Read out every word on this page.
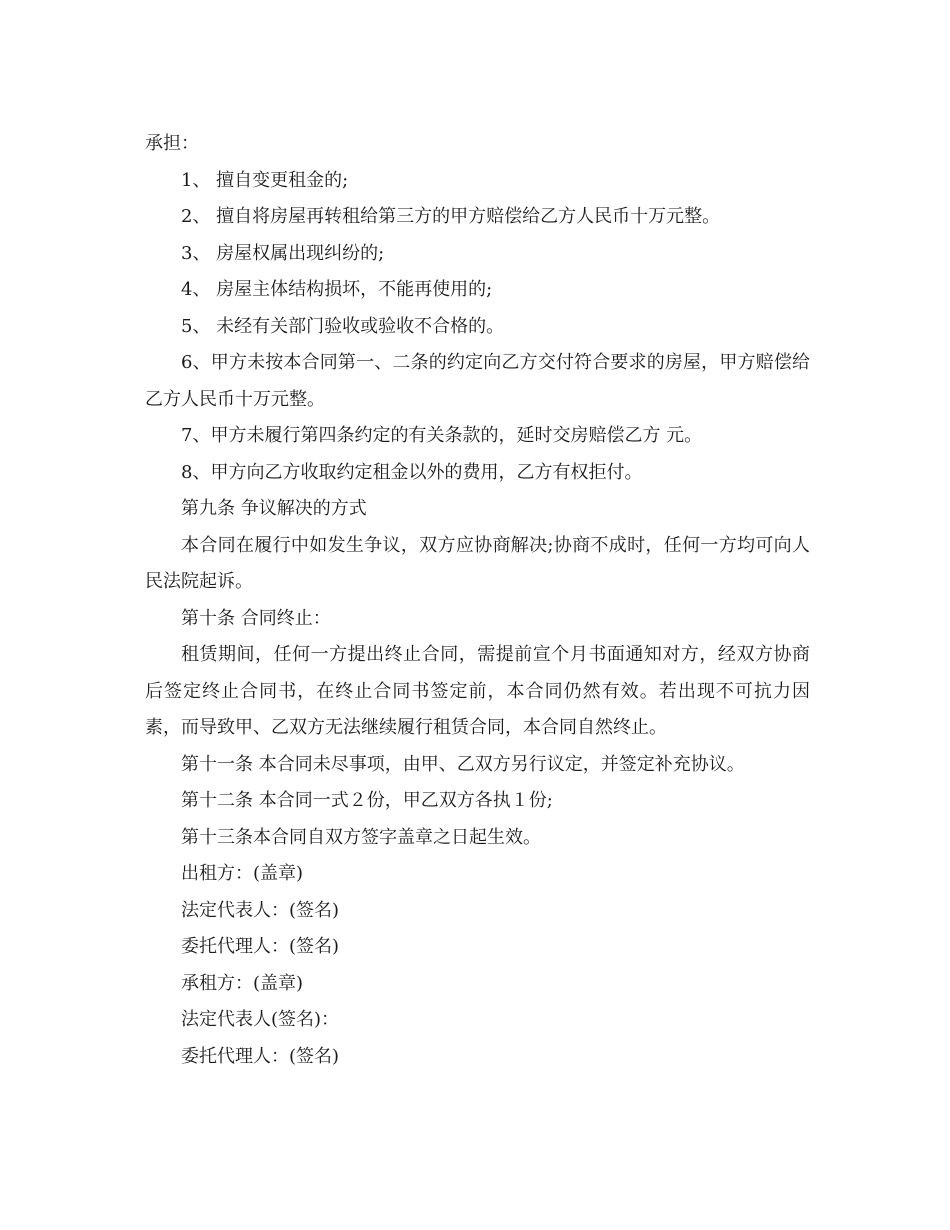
承担：

1、 擅自变更租金的;

2、 擅自将房屋再转租给第三方的甲方赔偿给乙方人民币十万元整。

3、 房屋权属出现纠纷的;

4、 房屋主体结构损坏，不能再使用的;

5、 未经有关部门验收或验收不合格的。

6、甲方未按本合同第一、二条的约定向乙方交付符合要求的房屋，甲方赔偿给乙方人民币十万元整。

7、甲方未履行第四条约定的有关条款的，延时交房赔偿乙方 元。

8、甲方向乙方收取约定租金以外的费用，乙方有权拒付。

第九条 争议解决的方式

本合同在履行中如发生争议，双方应协商解决;协商不成时，任何一方均可向人民法院起诉。

第十条 合同终止：

租赁期间，任何一方提出终止合同，需提前宣个月书面通知对方，经双方协商后签定终止合同书，在终止合同书签定前，本合同仍然有效。若出现不可抗力因素，而导致甲、乙双方无法继续履行租赁合同，本合同自然终止。

第十一条 本合同未尽事项，由甲、乙双方另行议定，并签定补充协议。

第十二条 本合同一式２份，甲乙双方各执１份;

第十三条本合同自双方签字盖章之日起生效。

出租方：(盖章)

法定代表人：(签名)

委托代理人：(签名)

承租方：(盖章)

法定代表人(签名)：

委托代理人：(签名)
